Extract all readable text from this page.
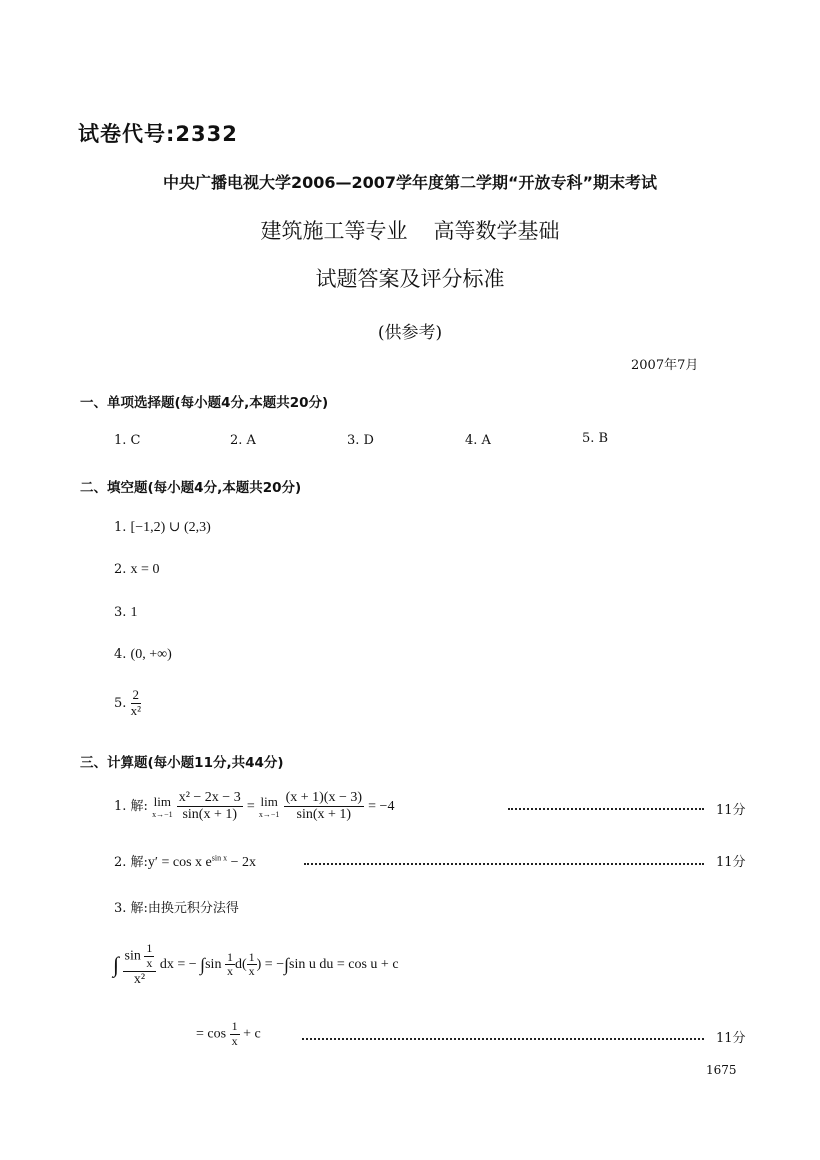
试卷代号:2332
中央广播电视大学2006—2007学年度第二学期“开放专科”期末考试
建筑施工等专业 高等数学基础
试题答案及评分标准
(供参考)
2007年7月
一、单项选择题(每小题4分,本题共20分)
1. C	2. A	3. D	4. A	5. B
二、填空题(每小题4分,本题共20分)
1. [−1,2) ∪ (2,3)
2. x = 0
3. 1
4. (0, +∞)
5. $\frac{2}{\text{x²}}$
三、计算题(每小题11分,共44分)
1. 解: lim
x→−1
$\frac{\text{x² − 2x − 3}}{\sin(x + 1)} = \lim$
x→−1
$\frac{(x + 1)(x - 3)}{\sin(x + 1)} = -4$	11分
2. 解:y′ = cos x $e^{sin x} - 2x$	11分
3. 解:由换元积分法得
∫ $\frac{\sin \frac{1}{x}}{\text{x²}}$ dx = − $\int\sin \frac{1}{x} d( \frac{1}{x}$ ) = −∫sin u du = cos u + c
= $\cos \frac{1}{x} + c$	11分
1675
